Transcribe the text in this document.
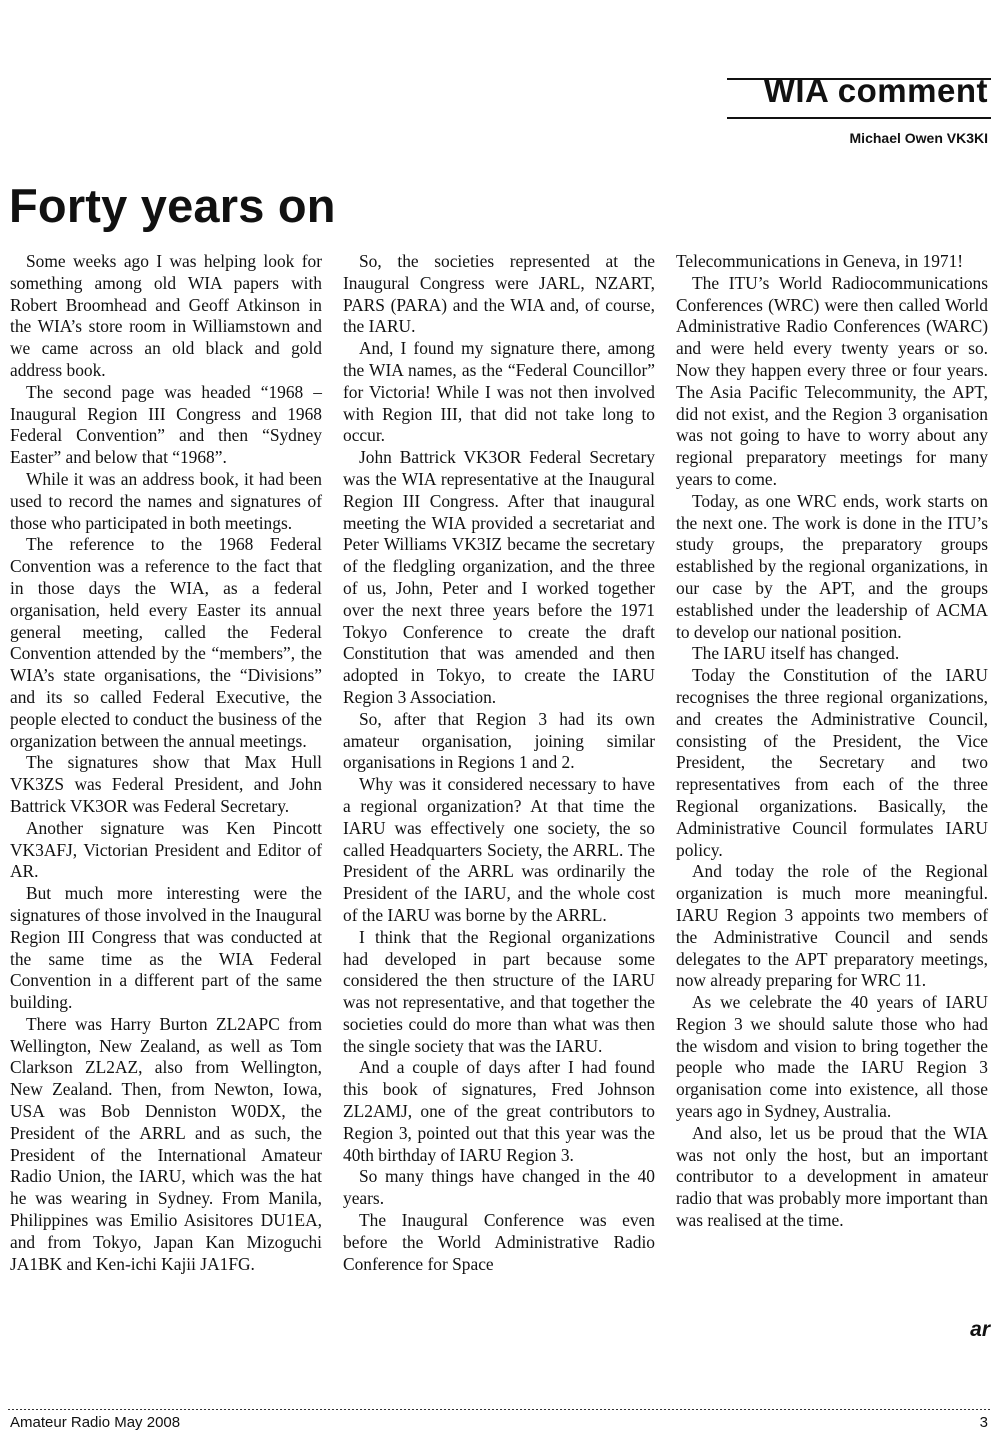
WIA comment
Michael Owen VK3KI
Forty years on

Some weeks ago I was helping look for something among old WIA papers with Robert Broomhead and Geoff Atkinson in the WIA’s store room in Williamstown and we came across an old black and gold address book.

The second page was headed “1968 – Inaugural Region III Congress and 1968 Federal Convention” and then “Sydney Easter” and below that “1968”.

While it was an address book, it had been used to record the names and signatures of those who participated in both meetings.

The reference to the 1968 Federal Convention was a reference to the fact that in those days the WIA, as a federal organisation, held every Easter its annual general meeting, called the Federal Convention attended by the “members”, the WIA’s state organisations, the “Divisions” and its so called Federal Executive, the people elected to conduct the business of the organization between the annual meetings.

The signatures show that Max Hull VK3ZS was Federal President, and John Battrick VK3OR was Federal Secretary.

Another signature was Ken Pincott VK3AFJ, Victorian President and Editor of AR.

But much more interesting were the signatures of those involved in the Inaugural Region III Congress that was conducted at the same time as the WIA Federal Convention in a different part of the same building.

There was Harry Burton ZL2APC from Wellington, New Zealand, as well as Tom Clarkson ZL2AZ, also from Wellington, New Zealand. Then, from Newton, Iowa, USA was Bob Denniston W0DX, the President of the ARRL and as such, the President of the International Amateur Radio Union, the IARU, which was the hat he was wearing in Sydney. From Manila, Philippines was Emilio Asisitores DU1EA, and from Tokyo, Japan Kan Mizoguchi JA1BK and Ken-ichi Kajii JA1FG.

So, the societies represented at the Inaugural Congress were JARL, NZART, PARS (PARA) and the WIA and, of course, the IARU.

And, I found my signature there, among the WIA names, as the “Federal Councillor” for Victoria! While I was not then involved with Region III, that did not take long to occur.

John Battrick VK3OR Federal Secretary was the WIA representative at the Inaugural Region III Congress. After that inaugural meeting the WIA provided a secretariat and Peter Williams VK3IZ became the secretary of the fledgling organization, and the three of us, John, Peter and I worked together over the next three years before the 1971 Tokyo Conference to create the draft Constitution that was amended and then adopted in Tokyo, to create the IARU Region 3 Association.

So, after that Region 3 had its own amateur organisation, joining similar organisations in Regions 1 and 2.

Why was it considered necessary to have a regional organization? At that time the IARU was effectively one society, the so called Headquarters Society, the ARRL. The President of the ARRL was ordinarily the President of the IARU, and the whole cost of the IARU was borne by the ARRL.

I think that the Regional organizations had developed in part because some considered the then structure of the IARU was not representative, and that together the societies could do more than what was then the single society that was the IARU.

And a couple of days after I had found this book of signatures, Fred Johnson ZL2AMJ, one of the great contributors to Region 3, pointed out that this year was the 40th birthday of IARU Region 3.

So many things have changed in the 40 years.

The Inaugural Conference was even before the World Administrative Radio Conference for Space

Telecommunications in Geneva, in 1971!

The ITU’s World Radiocommunications Conferences (WRC) were then called World Administrative Radio Conferences (WARC) and were held every twenty years or so. Now they happen every three or four years. The Asia Pacific Telecommunity, the APT, did not exist, and the Region 3 organisation was not going to have to worry about any regional preparatory meetings for many years to come.

Today, as one WRC ends, work starts on the next one. The work is done in the ITU’s study groups, the preparatory groups established by the regional organizations, in our case by the APT, and the groups established under the leadership of ACMA to develop our national position.

The IARU itself has changed.

Today the Constitution of the IARU recognises the three regional organizations, and creates the Administrative Council, consisting of the President, the Vice President, the Secretary and two representatives from each of the three Regional organizations. Basically, the Administrative Council formulates IARU policy.

And today the role of the Regional organization is much more meaningful. IARU Region 3 appoints two members of the Administrative Council and sends delegates to the APT preparatory meetings, now already preparing for WRC 11.

As we celebrate the 40 years of IARU Region 3 we should salute those who had the wisdom and vision to bring together the people who made the IARU Region 3 organisation come into existence, all those years ago in Sydney, Australia.

And also, let us be proud that the WIA was not only the host, but an important contributor to a development in amateur radio that was probably more important than was realised at the time.

ar
Amateur Radio May 2008	3
